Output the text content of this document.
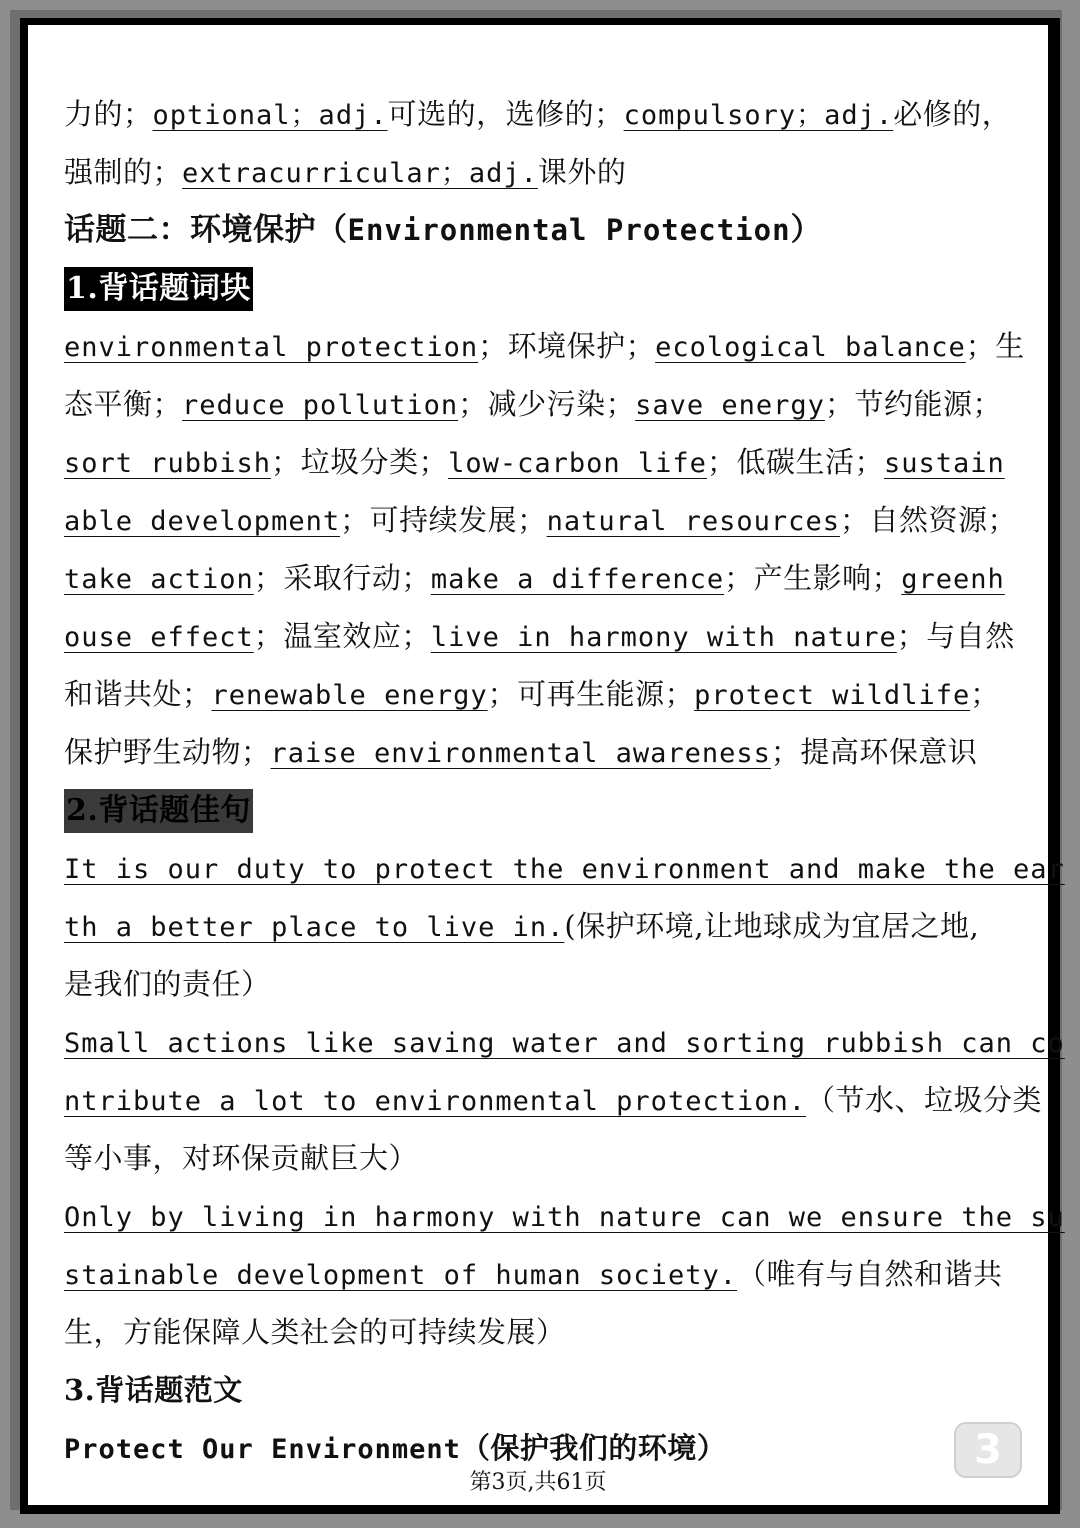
力的；optional；adj.可选的，选修的；compulsory；adj.必修的，
强制的；extracurricular；adj.课外的
话题二：环境保护（Environmental Protection）
1.背话题词块
environmental protection；环境保护；ecological balance；生
态平衡；reduce pollution；减少污染；save energy；节约能源；
sort rubbish；垃圾分类；low-carbon life；低碳生活；sustain
able development；可持续发展；natural resources；自然资源；
take action；采取行动；make a difference；产生影响；greenh
ouse effect；温室效应；live in harmony with nature；与自然
和谐共处；renewable energy；可再生能源；protect wildlife；
保护野生动物；raise environmental awareness；提高环保意识
2.背话题佳句
It is our duty to protect the environment and make the ear
th a better place to live in.(保护环境,让地球成为宜居之地,
是我们的责任）
Small actions like saving water and sorting rubbish can co
ntribute a lot to environmental protection.（节水、垃圾分类
等小事，对环保贡献巨大）
Only by living in harmony with nature can we ensure the su
stainable development of human society.（唯有与自然和谐共
生，方能保障人类社会的可持续发展）
3.背话题范文
Protect Our Environment（保护我们的环境）
第3页,共61页
3
